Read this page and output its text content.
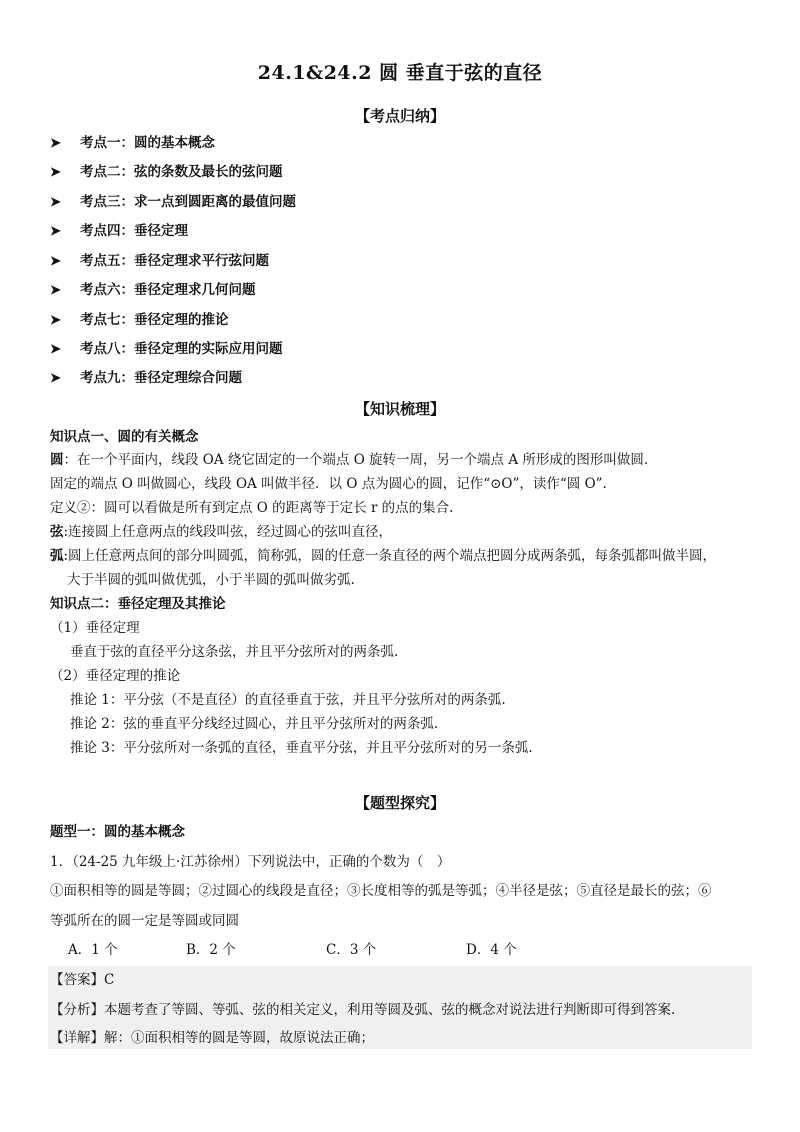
24.1&24.2 圆 垂直于弦的直径
【考点归纳】
➤ 考点一：圆的基本概念
➤ 考点二：弦的条数及最长的弦问题
➤ 考点三：求一点到圆距离的最值问题
➤ 考点四：垂径定理
➤ 考点五：垂径定理求平行弦问题
➤ 考点六：垂径定理求几何问题
➤ 考点七：垂径定理的推论
➤ 考点八：垂径定理的实际应用问题
➤ 考点九：垂径定理综合问题
【知识梳理】
知识点一、圆的有关概念
圆：在一个平面内，线段 OA 绕它固定的一个端点 O 旋转一周，另一个端点 A 所形成的图形叫做圆.
固定的端点 O 叫做圆心，线段 OA 叫做半径．以 O 点为圆心的圆，记作“⊙O”，读作“圆 O”.
定义②：圆可以看做是所有到定点 O 的距离等于定长 r 的点的集合.
弦:连接圆上任意两点的线段叫弦，经过圆心的弦叫直径，
弧:圆上任意两点间的部分叫圆弧，简称弧，圆的任意一条直径的两个端点把圆分成两条弧，每条弧都叫做半圆，
大于半圆的弧叫做优弧，小于半圆的弧叫做劣弧.
知识点二：垂径定理及其推论
（1）垂径定理
垂直于弦的直径平分这条弦，并且平分弦所对的两条弧.
（2）垂径定理的推论
推论 1：平分弦（不是直径）的直径垂直于弦，并且平分弦所对的两条弧.
推论 2：弦的垂直平分线经过圆心，并且平分弦所对的两条弧.
推论 3：平分弦所对一条弧的直径，垂直平分弦，并且平分弦所对的另一条弧.
【题型探究】
题型一：圆的基本概念
1．（24-25 九年级上·江苏徐州）下列说法中，正确的个数为（　）
①面积相等的圆是等圆；②过圆心的线段是直径；③长度相等的弧是等弧；④半径是弦；⑤直径是最长的弦；⑥
等弧所在的圆一定是等圆或同圆
A．1 个	B．2 个	C．3 个	D．4 个
【答案】C
【分析】本题考查了等圆、等弧、弦的相关定义，利用等圆及弧、弦的概念对说法进行判断即可得到答案.
【详解】解：①面积相等的圆是等圆，故原说法正确；
